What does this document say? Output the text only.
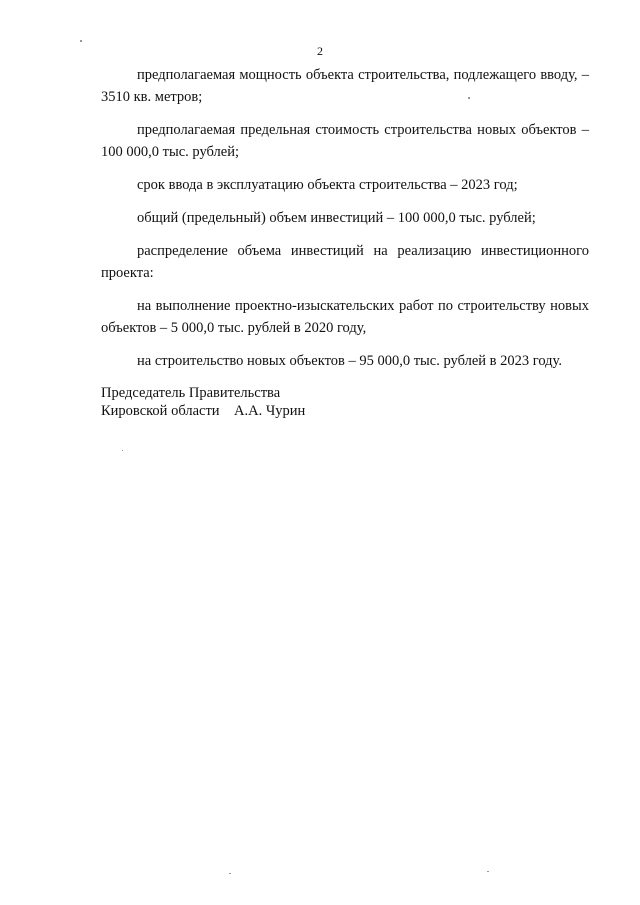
2

предполагаемая мощность объекта строительства, подлежащего вводу, – 3510 кв. метров;

предполагаемая предельная стоимость строительства новых объектов – 100 000,0 тыс. рублей;

срок ввода в эксплуатацию объекта строительства – 2023 год;

общий (предельный) объем инвестиций – 100 000,0 тыс. рублей;

распределение объема инвестиций на реализацию инвестиционного проекта:

на выполнение проектно-изыскательских работ по строительству новых объектов – 5 000,0 тыс. рублей в 2020 году,

на строительство новых объектов – 95 000,0 тыс. рублей в 2023 году.

Председатель Правительства

Кировской области А.А. Чурин
